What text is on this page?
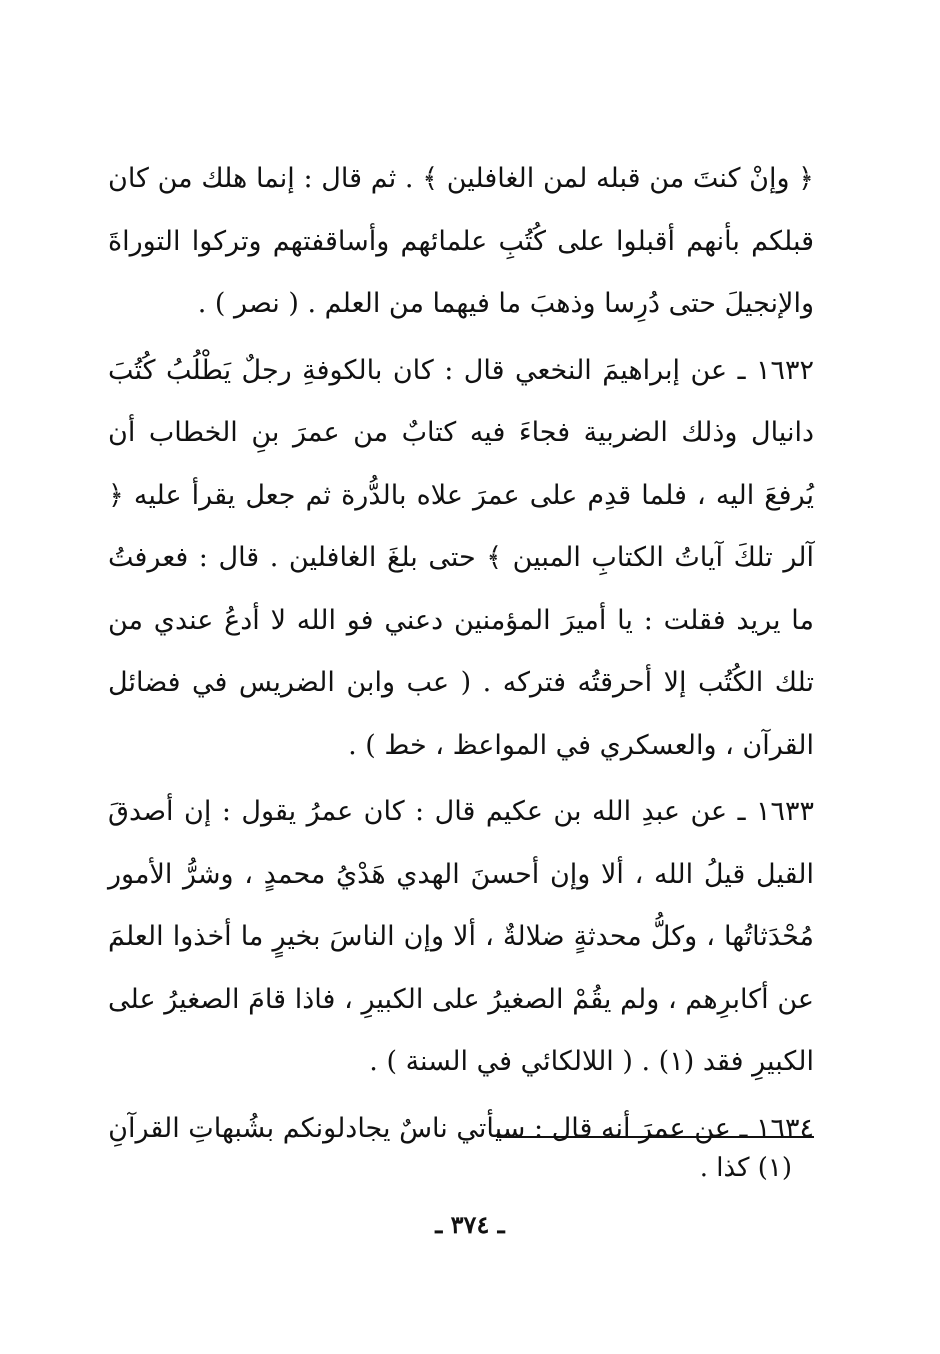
﴿ وإنْ كنتَ من قبله لمن الغافلين ﴾ . ثم قال : إنما هلك من كان قبلكم بأنهم أقبلوا على كُتُبِ علمائهم وأساقفتهم وتركوا التوراةَ والإنجيلَ حتى دُرِسا وذهبَ ما فيهما من العلم . ( نصر ) .

١٦٣٢ ـ عن إبراهيمَ النخعي قال : كان بالكوفةِ رجلٌ يَطْلُبُ كُتُبَ دانيال وذلك الضربية فجاءَ فيه كتابٌ من عمرَ بنِ الخطاب أن يُرفعَ اليه ، فلما قدِم على عمرَ علاه بالدُّرة ثم جعل يقرأ عليه ﴿ آلر تلكَ آياتُ الكتابِ المبين ﴾ حتى بلغَ الغافلين . قال : فعرفتُ ما يريد فقلت : يا أميرَ المؤمنين دعني فو الله لا أدعُ عندي من تلك الكُتُب إلا أحرقتُه فتركه . ( عب وابن الضريس في فضائل القرآن ، والعسكري في المواعظ ، خط ) .

١٦٣٣ ـ عن عبدِ الله بن عكيم قال : كان عمرُ يقول : إن أصدقَ القيل قيلُ الله ، ألا وإن أحسنَ الهدي هَدْيُ محمدٍ ، وشرُّ الأمور مُحْدَثاتُها ، وكلُّ محدثةٍ ضلالةٌ ، ألا وإن الناسَ بخيرٍ ما أخذوا العلمَ عن أكابرِهم ، ولم يقُمْ الصغيرُ على الكبيرِ ، فاذا قامَ الصغيرُ على الكبيرِ فقد (١) . ( اللالكائي في السنة ) .

١٦٣٤ ـ عن عمرَ أنه قال : سيأتي ناسٌ يجادلونكم بشُبهاتِ القرآنِ

(١) كذا .
ـ ٣٧٤ ـ
